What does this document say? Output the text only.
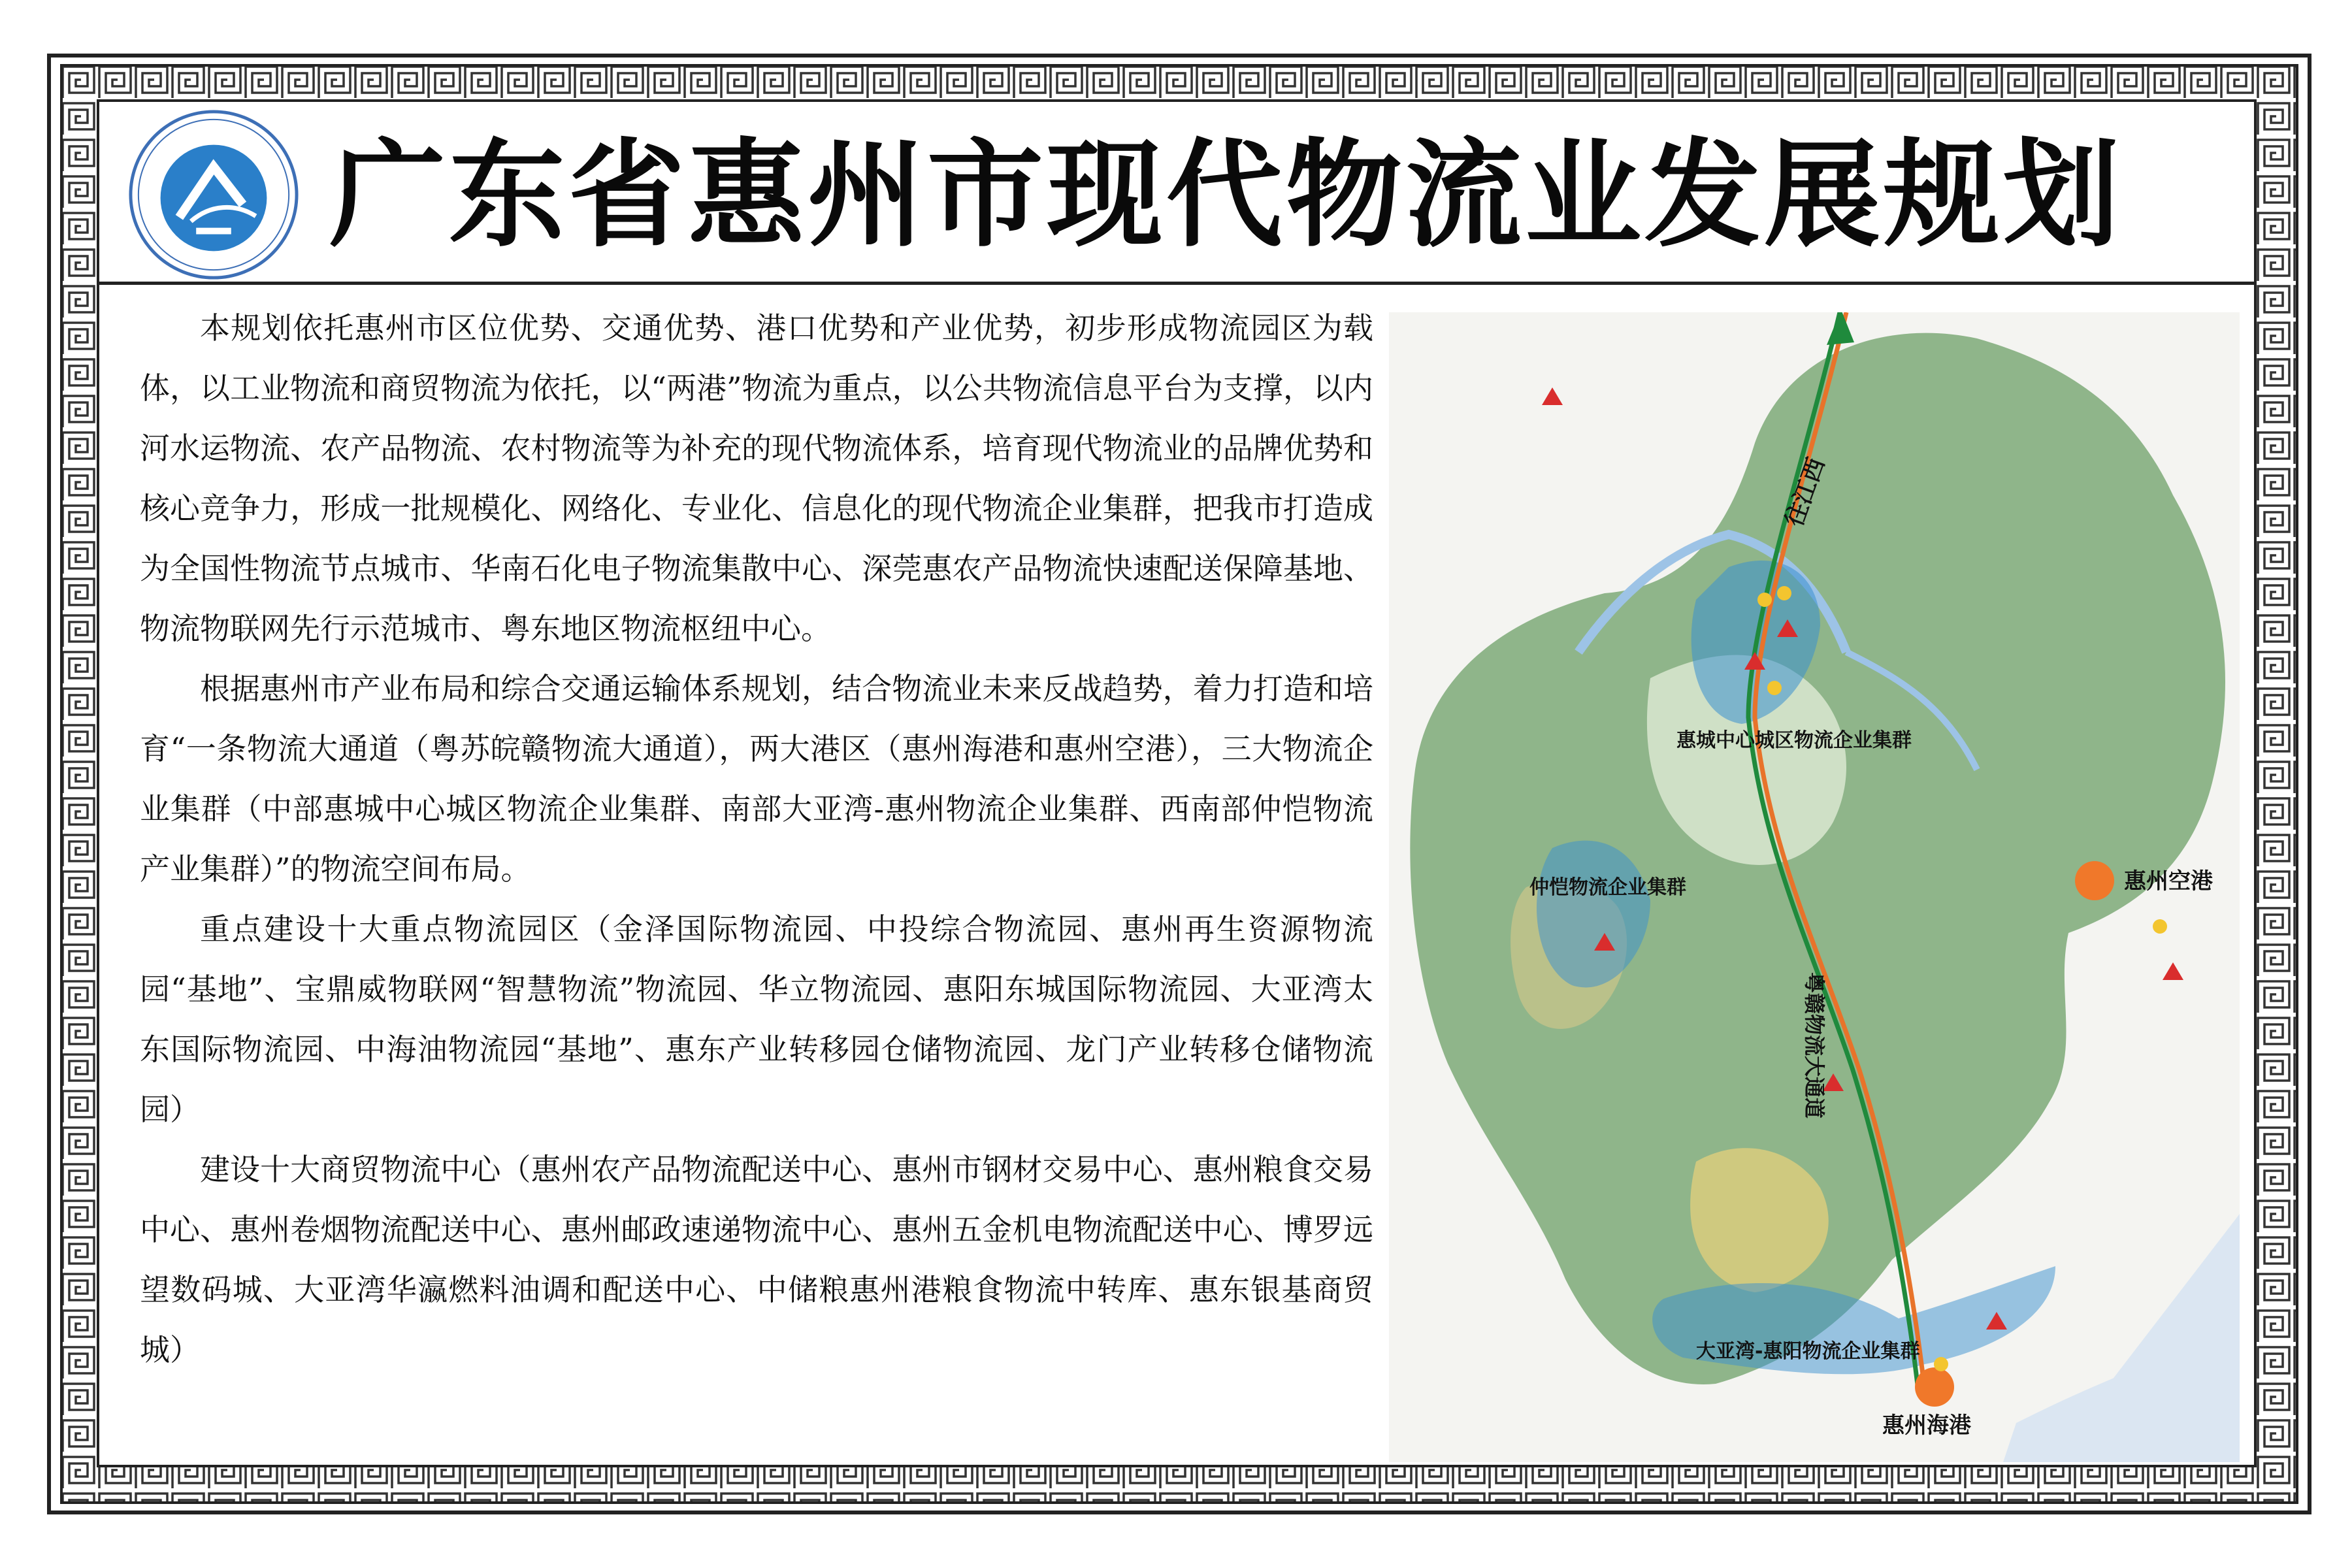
广东省惠州市现代物流业发展规划

本规划依托惠州市区位优势、交通优势、港口优势和产业优势，初步形成物流园区为载体，以工业物流和商贸物流为依托，以“两港”物流为重点，以公共物流信息平台为支撑，以内河水运物流、农产品物流、农村物流等为补充的现代物流体系，培育现代物流业的品牌优势和核心竞争力，形成一批规模化、网络化、专业化、信息化的现代物流企业集群，把我市打造成为全国性物流节点城市、华南石化电子物流集散中心、深莞惠农产品物流快速配送保障基地、物流物联网先行示范城市、粤东地区物流枢纽中心。

根据惠州市产业布局和综合交通运输体系规划，结合物流业未来反战趋势，着力打造和培育“一条物流大通道（粤苏皖赣物流大通道），两大港区（惠州海港和惠州空港），三大物流企业集群（中部惠城中心城区物流企业集群、南部大亚湾-惠州物流企业集群、西南部仲恺物流产业集群）”的物流空间布局。

重点建设十大重点物流园区（金泽国际物流园、中投综合物流园、惠州再生资源物流园“基地”、宝鼎威物联网“智慧物流”物流园、华立物流园、惠阳东城国际物流园、大亚湾太东国际物流园、中海油物流园“基地”、惠东产业转移园仓储物流园、龙门产业转移仓储物流园）

建设十大商贸物流中心（惠州农产品物流配送中心、惠州市钢材交易中心、惠州粮食交易中心、惠州卷烟物流配送中心、惠州邮政速递物流中心、惠州五金机电物流配送中心、博罗远望数码城、大亚湾华瀛燃料油调和配送中心、中储粮惠州港粮食物流中转库、惠东银基商贸城）

往江西
惠城中心城区物流企业集群
仲恺物流企业集群	惠州空港
粤赣物流大通道
大亚湾-惠阳物流企业集群
惠州海港
